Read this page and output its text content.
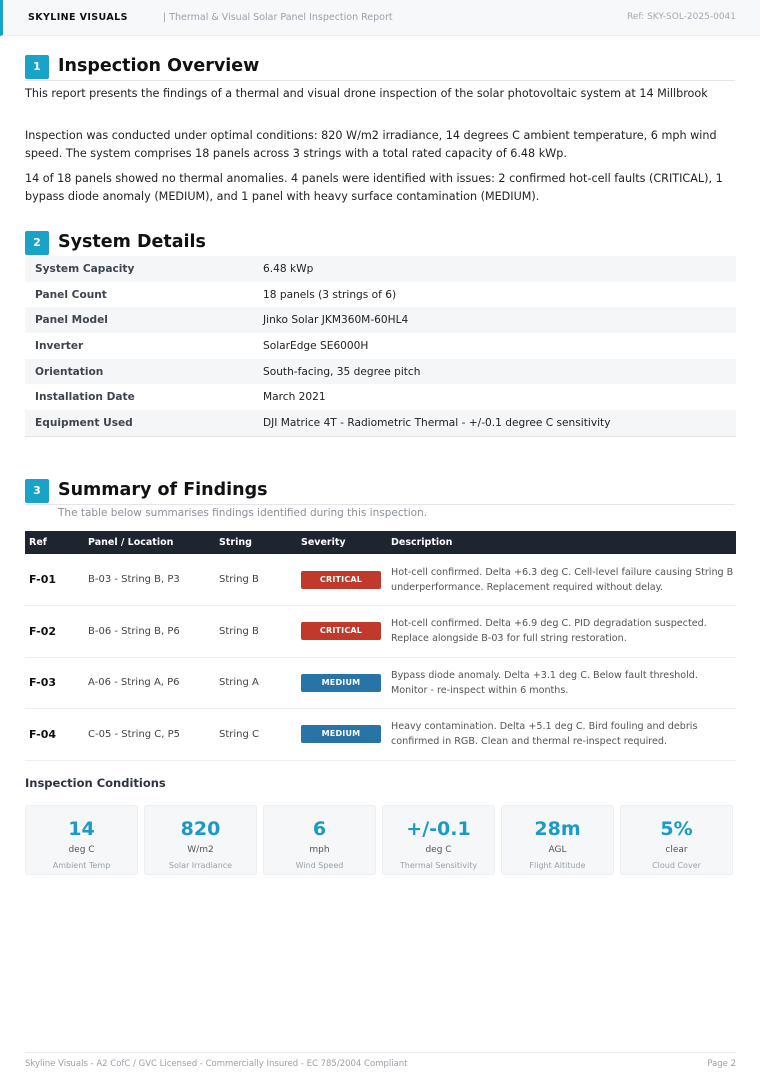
SKYLINE VISUALS	| Thermal & Visual Solar Panel Inspection Report	Ref: SKY-SOL-2025-0041
1 Inspection Overview

This report presents the findings of a thermal and visual drone inspection of the solar photovoltaic system at 14 Millbrook

Inspection was conducted under optimal conditions: 820 W/m2 irradiance, 14 degrees C ambient temperature, 6 mph wind speed. The system comprises 18 panels across 3 strings with a total rated capacity of 6.48 kWp.

14 of 18 panels showed no thermal anomalies. 4 panels were identified with issues: 2 confirmed hot-cell faults (CRITICAL), 1 bypass diode anomaly (MEDIUM), and 1 panel with heavy surface contamination (MEDIUM).

2 System Details
System Capacity	6.48 kWp
Panel Count	18 panels (3 strings of 6)
Panel Model	Jinko Solar JKM360M-60HL4
Inverter	SolarEdge SE6000H
Orientation	South-facing, 35 degree pitch
Installation Date	March 2021
Equipment Used	DJI Matrice 4T - Radiometric Thermal - +/-0.1 degree C sensitivity
3 Summary of Findings

The table below summarises findings identified during this inspection.

Ref	Panel / Location	String	Severity	Description
F-01	B-03 - String B, P3	String B	CRITICAL	Hot-cell confirmed. Delta +6.3 deg C. Cell-level failure causing String B underperformance. Replacement required without delay.
F-02	B-06 - String B, P6	String B	CRITICAL	Hot-cell confirmed. Delta +6.9 deg C. PID degradation suspected. Replace alongside B-03 for full string restoration.
F-03	A-06 - String A, P6	String A	MEDIUM	Bypass diode anomaly. Delta +3.1 deg C. Below fault threshold. Monitor - re-inspect within 6 months.
F-04	C-05 - String C, P5	String C	MEDIUM	Heavy contamination. Delta +5.1 deg C. Bird fouling and debris confirmed in RGB. Clean and thermal re-inspect required.
Inspection Conditions
14
deg C
Ambient Temp
820
W/m2
Solar Irradiance
6
mph
Wind Speed
+/-0.1
deg C
Thermal Sensitivity
28m
AGL
Flight Altitude
5%
clear
Cloud Cover
Skyline Visuals - A2 CofC / GVC Licensed - Commercially Insured - EC 785/2004 Compliant	Page 2
